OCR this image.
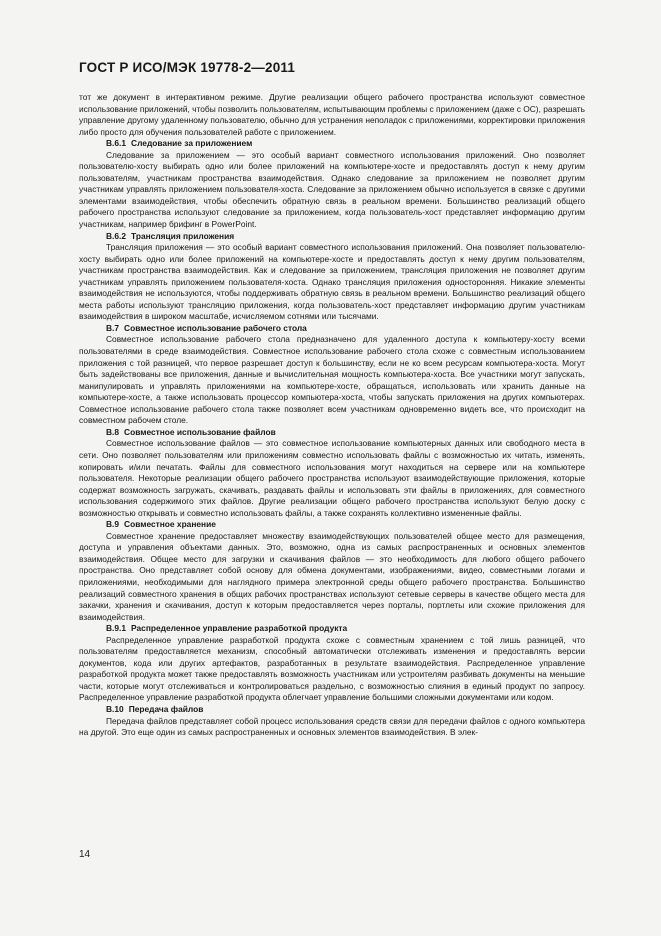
ГОСТ Р ИСО/МЭК 19778-2—2011

тот же документ в интерактивном режиме. Другие реализации общего рабочего пространства используют совместное использование приложений, чтобы позволить пользователям, испытывающим проблемы с приложением (даже с ОС), разрешать управление другому удаленному пользователю, обычно для устранения неполадок с приложениями, корректировки приложения либо просто для обучения пользователей работе с приложением.

В.6.1 Следование за приложением

Следование за приложением — это особый вариант совместного использования приложений. Оно позволяет пользователю-хосту выбирать одно или более приложений на компьютере-хосте и предоставлять доступ к нему другим пользователям, участникам пространства взаимодействия. Однако следование за приложением не позволяет другим участникам управлять приложением пользователя-хоста. Следование за приложением обычно используется в связке с другими элементами взаимодействия, чтобы обеспечить обратную связь в реальном времени. Большинство реализаций общего рабочего пространства используют следование за приложением, когда пользователь-хост представляет информацию другим участникам, например брифинг в PowerPoint.

В.6.2 Трансляция приложения

Трансляция приложения — это особый вариант совместного использования приложений. Она позволяет пользователю-хосту выбирать одно или более приложений на компьютере-хосте и предоставлять доступ к нему другим пользователям, участникам пространства взаимодействия. Как и следование за приложением, трансляция приложения не позволяет другим участникам управлять приложением пользователя-хоста. Однако трансляция приложения односторонняя. Никакие элементы взаимодействия не используются, чтобы поддерживать обратную связь в реальном времени. Большинство реализаций общего места работы используют трансляцию приложения, когда пользователь-хост представляет информацию другим участникам взаимодействия в широком масштабе, исчисляемом сотнями или тысячами.

В.7 Совместное использование рабочего стола

Совместное использование рабочего стола предназначено для удаленного доступа к компьютеру-хосту всеми пользователями в среде взаимодействия. Совместное использование рабочего стола схоже с совместным использованием приложения с той разницей, что первое разрешает доступ к большинству, если не ко всем ресурсам компьютера-хоста. Могут быть задействованы все приложения, данные и вычислительная мощность компьютера-хоста. Все участники могут запускать, манипулировать и управлять приложениями на компьютере-хосте, обращаться, использовать или хранить данные на компьютере-хосте, а также использовать процессор компьютера-хоста, чтобы запускать приложения на других компьютерах. Совместное использование рабочего стола также позволяет всем участникам одновременно видеть все, что происходит на совместном рабочем столе.

В.8 Совместное использование файлов

Совместное использование файлов — это совместное использование компьютерных данных или свободного места в сети. Оно позволяет пользователям или приложениям совместно использовать файлы с возможностью их читать, изменять, копировать и/или печатать. Файлы для совместного использования могут находиться на сервере или на компьютере пользователя. Некоторые реализации общего рабочего пространства используют взаимодействующие приложения, которые содержат возможность загружать, скачивать, раздавать файлы и использовать эти файлы в приложениях, для совместного использования содержимого этих файлов. Другие реализации общего рабочего пространства используют белую доску с возможностью открывать и совместно использовать файлы, а также сохранять коллективно измененные файлы.

В.9 Совместное хранение

Совместное хранение предоставляет множеству взаимодействующих пользователей общее место для размещения, доступа и управления объектами данных. Это, возможно, одна из самых распространенных и основных элементов взаимодействия. Общее место для загрузки и скачивания файлов — это необходимость для любого общего рабочего пространства. Оно представляет собой основу для обмена документами, изображениями, видео, совместными логами и приложениями, необходимыми для наглядного примера электронной среды общего рабочего пространства. Большинство реализаций совместного хранения в общих рабочих пространствах используют сетевые серверы в качестве общего места для закачки, хранения и скачивания, доступ к которым предоставляется через порталы, портлеты или схожие приложения для взаимодействия.

В.9.1 Распределенное управление разработкой продукта

Распределенное управление разработкой продукта схоже с совместным хранением с той лишь разницей, что пользователям предоставляется механизм, способный автоматически отслеживать изменения и предоставлять версии документов, кода или других артефактов, разработанных в результате взаимодействия. Распределенное управление разработкой продукта может также предоставлять возможность участникам или устроителям разбивать документы на меньшие части, которые могут отслеживаться и контролироваться раздельно, с возможностью слияния в единый продукт по запросу. Распределенное управление разработкой продукта облегчает управление большими сложными документами или кодом.

В.10 Передача файлов

Передача файлов представляет собой процесс использования средств связи для передачи файлов с одного компьютера на другой. Это еще один из самых распространенных и основных элементов взаимодействия. В элек-

14
